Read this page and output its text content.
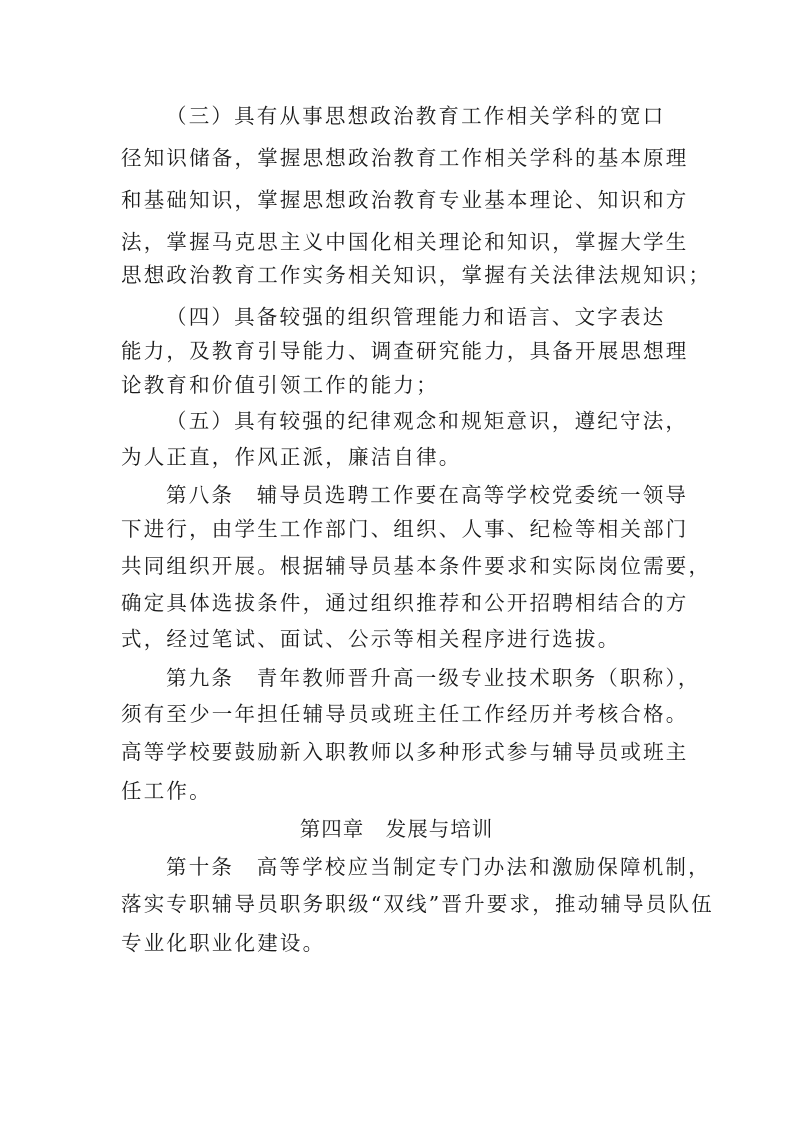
（三）具有从事思想政治教育工作相关学科的宽口
径知识储备，掌握思想政治教育工作相关学科的基本原理
和基础知识，掌握思想政治教育专业基本理论、知识和方
法，掌握马克思主义中国化相关理论和知识，掌握大学生
思想政治教育工作实务相关知识，掌握有关法律法规知识；
（四）具备较强的组织管理能力和语言、文字表达
能力，及教育引导能力、调查研究能力，具备开展思想理
论教育和价值引领工作的能力；
（五）具有较强的纪律观念和规矩意识，遵纪守法，
为人正直，作风正派，廉洁自律。
第八条　辅导员选聘工作要在高等学校党委统一领导
下进行，由学生工作部门、组织、人事、纪检等相关部门
共同组织开展。根据辅导员基本条件要求和实际岗位需要，
确定具体选拔条件，通过组织推荐和公开招聘相结合的方
式，经过笔试、面试、公示等相关程序进行选拔。
第九条　青年教师晋升高一级专业技术职务（职称），
须有至少一年担任辅导员或班主任工作经历并考核合格。
高等学校要鼓励新入职教师以多种形式参与辅导员或班主
任工作。
第四章　发展与培训
第十条　高等学校应当制定专门办法和激励保障机制，
落实专职辅导员职务职级“双线”晋升要求，推动辅导员队伍
专业化职业化建设。
